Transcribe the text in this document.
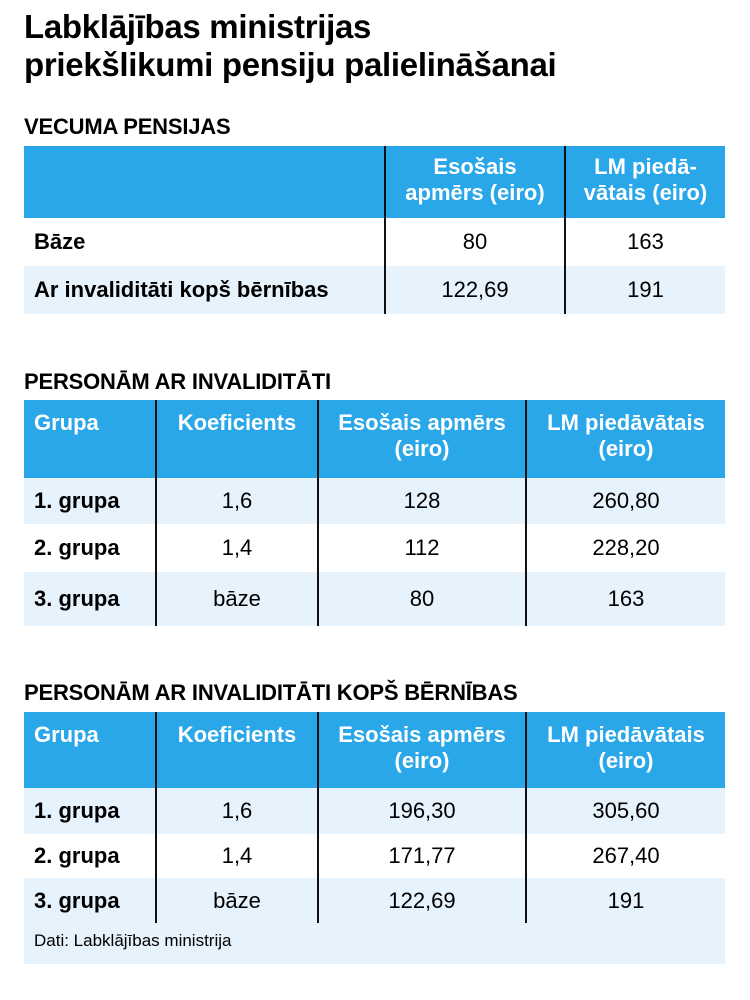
Labklājības ministrijas
priekšlikumi pensiju palielināšanai
VECUMA PENSIJAS
	Esošais apmērs (eiro)	LM piedā-vātais (eiro)
Bāze	80	163
Ar invaliditāti kopš bērnības	122,69	191
PERSONĀM AR INVALIDITĀTI
Grupa	Koeficients	Esošais apmērs (eiro)	LM piedāvātais (eiro)
1. grupa	1,6	128	260,80
2. grupa	1,4	112	228,20
3. grupa	bāze	80	163
PERSONĀM AR INVALIDITĀTI KOPŠ BĒRNĪBAS
Grupa	Koeficients	Esošais apmērs (eiro)	LM piedāvātais (eiro)
1. grupa	1,6	196,30	305,60
2. grupa	1,4	171,77	267,40
3. grupa	bāze	122,69	191
Dati: Labklājības ministrija
